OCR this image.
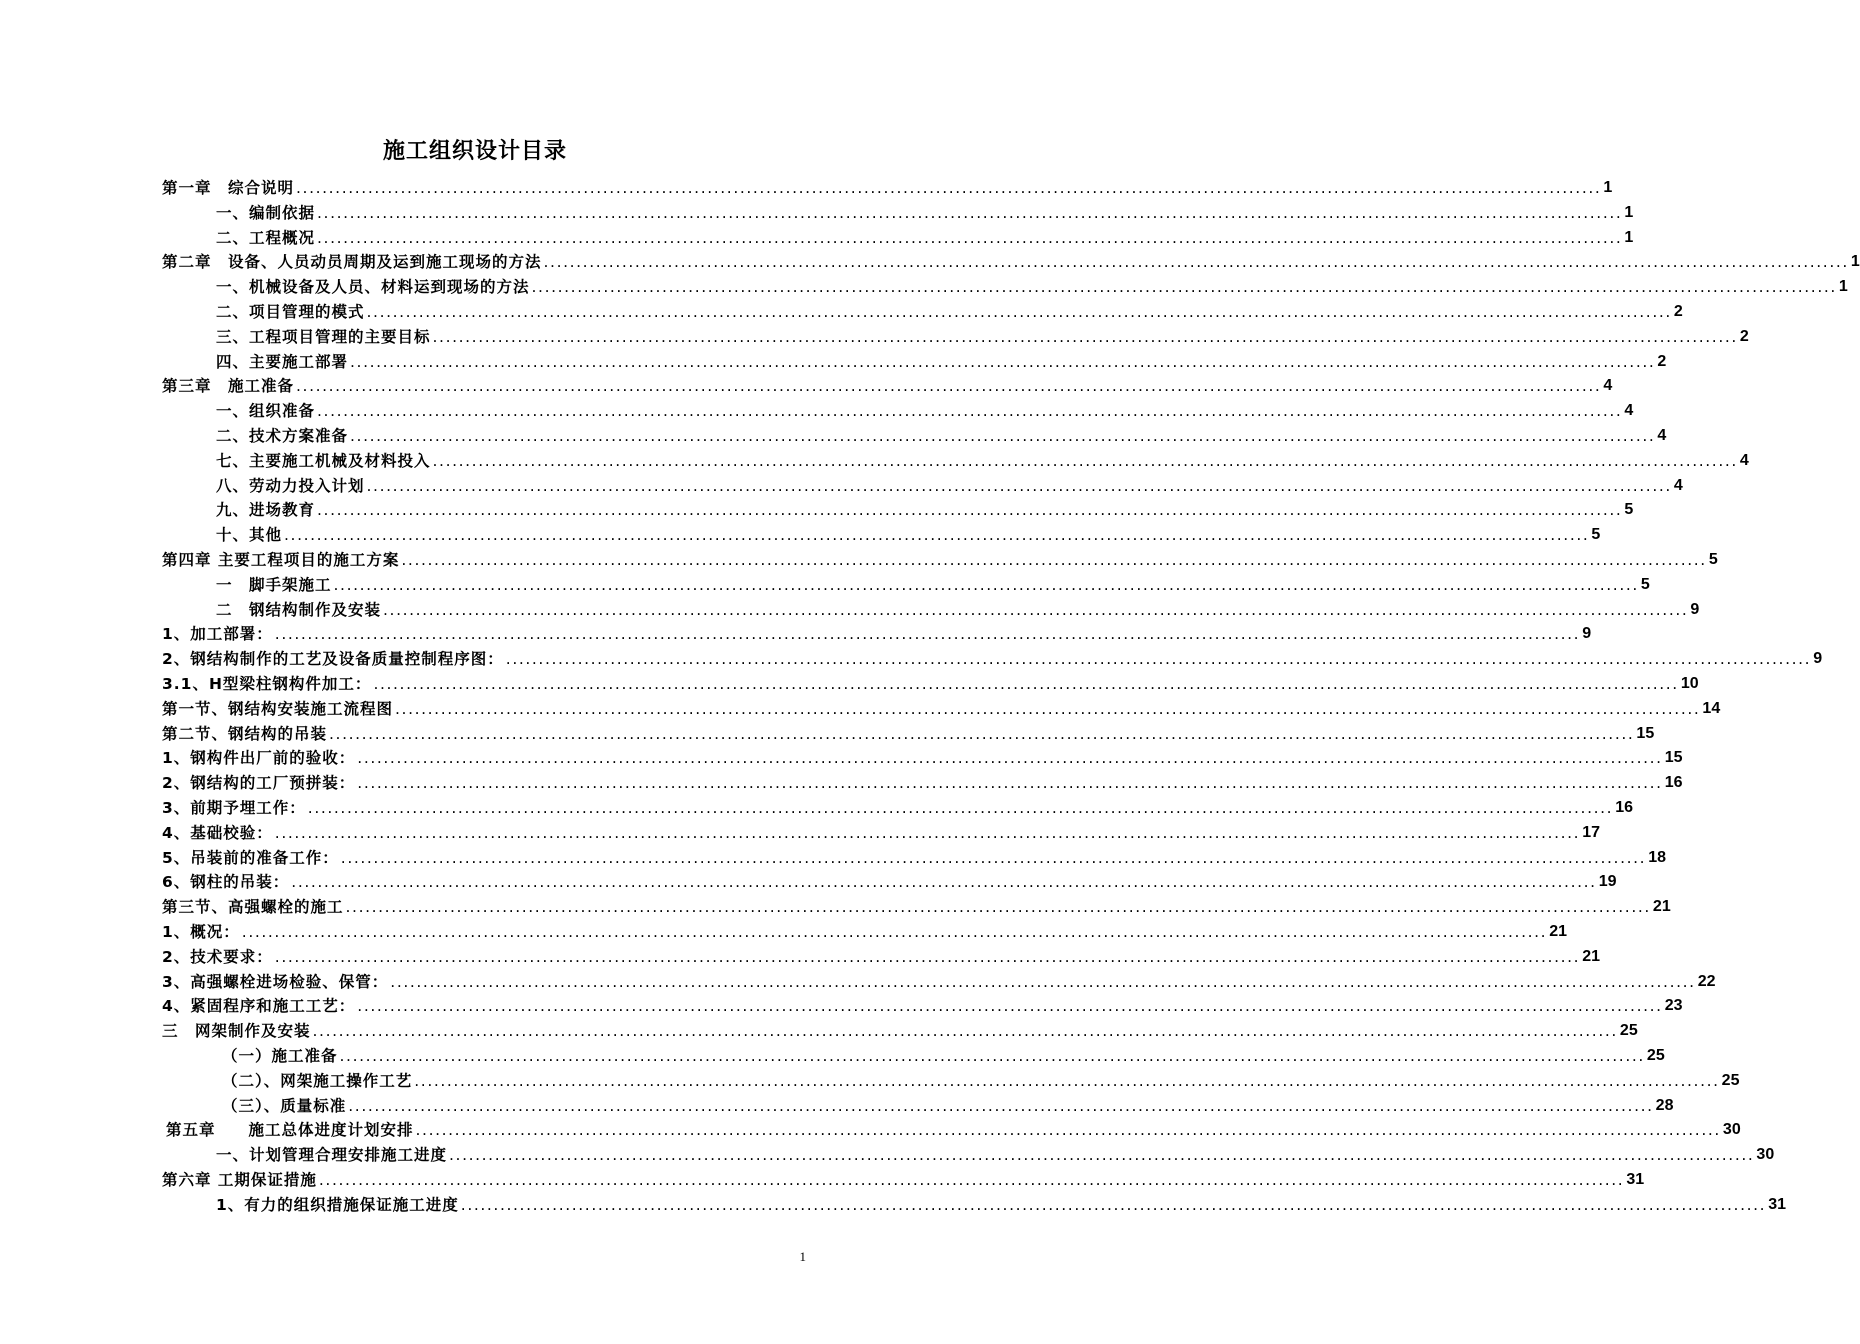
施工组织设计目录
第一章　综合说明 ........................................................................................................................................................................................................ 1
一、编制依据 ........................................................................................................................................................................................................ 1
二、工程概况 ........................................................................................................................................................................................................ 1
第二章　设备、人员动员周期及运到施工现场的方法 ........................................................................................................................................................................................................ 1
一、机械设备及人员、材料运到现场的方法 ........................................................................................................................................................................................................ 1
二、项目管理的模式 ........................................................................................................................................................................................................ 2
三、工程项目管理的主要目标 ........................................................................................................................................................................................................ 2
四、主要施工部署 ........................................................................................................................................................................................................ 2
第三章　施工准备 ........................................................................................................................................................................................................ 4
一、组织准备 ........................................................................................................................................................................................................ 4
二、技术方案准备 ........................................................................................................................................................................................................ 4
七、主要施工机械及材料投入 ........................................................................................................................................................................................................ 4
八、劳动力投入计划 ........................................................................................................................................................................................................ 4
九、进场教育 ........................................................................................................................................................................................................ 5
十、其他 ........................................................................................................................................................................................................ 5
第四章 主要工程项目的施工方案 ........................................................................................................................................................................................................ 5
一　脚手架施工 ........................................................................................................................................................................................................ 5
二　钢结构制作及安装 ........................................................................................................................................................................................................ 9
1、加工部署： ........................................................................................................................................................................................................ 9
2、钢结构制作的工艺及设备质量控制程序图： ........................................................................................................................................................................................................ 9
3.1、H型梁柱钢构件加工： ........................................................................................................................................................................................................ 10
第一节、钢结构安装施工流程图 ........................................................................................................................................................................................................ 14
第二节、钢结构的吊装 ........................................................................................................................................................................................................ 15
1、钢构件出厂前的验收： ........................................................................................................................................................................................................ 15
2、钢结构的工厂预拼装： ........................................................................................................................................................................................................ 16
3、前期予埋工作： ........................................................................................................................................................................................................ 16
4、基础校验： ........................................................................................................................................................................................................ 17
5、吊装前的准备工作： ........................................................................................................................................................................................................ 18
6、钢柱的吊装： ........................................................................................................................................................................................................ 19
第三节、高强螺栓的施工 ........................................................................................................................................................................................................ 21
1、概况： ........................................................................................................................................................................................................ 21
2、技术要求： ........................................................................................................................................................................................................ 21
3、高强螺栓进场检验、保管： ........................................................................................................................................................................................................ 22
4、紧固程序和施工工艺： ........................................................................................................................................................................................................ 23
三　网架制作及安装 ........................................................................................................................................................................................................ 25
（一）施工准备 ........................................................................................................................................................................................................ 25
（二）、网架施工操作工艺 ........................................................................................................................................................................................................ 25
（三）、质量标准 ........................................................................................................................................................................................................ 28
第五章　　施工总体进度计划安排 ........................................................................................................................................................................................................ 30
一、计划管理合理安排施工进度 ........................................................................................................................................................................................................ 30
第六章 工期保证措施 ........................................................................................................................................................................................................ 31
1、有力的组织措施保证施工进度 ........................................................................................................................................................................................................ 31
1
